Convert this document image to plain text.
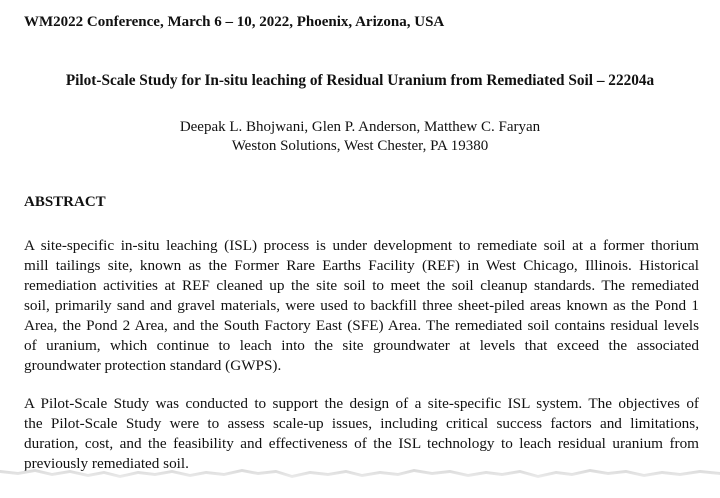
WM2022 Conference, March 6 – 10, 2022, Phoenix, Arizona, USA
Pilot-Scale Study for In-situ leaching of Residual Uranium from Remediated Soil – 22204a
Deepak L. Bhojwani, Glen P. Anderson, Matthew C. Faryan
Weston Solutions, West Chester, PA 19380
ABSTRACT
A site-specific in-situ leaching (ISL) process is under development to remediate soil at a former thorium
mill tailings site, known as the Former Rare Earths Facility (REF) in West Chicago, Illinois. Historical
remediation activities at REF cleaned up the site soil to meet the soil cleanup standards. The remediated
soil, primarily sand and gravel materials, were used to backfill three sheet-piled areas known as the Pond 1
Area, the Pond 2 Area, and the South Factory East (SFE) Area. The remediated soil contains residual levels
of uranium, which continue to leach into the site groundwater at levels that exceed the associated
groundwater protection standard (GWPS).
A Pilot-Scale Study was conducted to support the design of a site-specific ISL system. The objectives of
the Pilot-Scale Study were to assess scale-up issues, including critical success factors and limitations,
duration, cost, and the feasibility and effectiveness of the ISL technology to leach residual uranium from
previously remediated soil.
